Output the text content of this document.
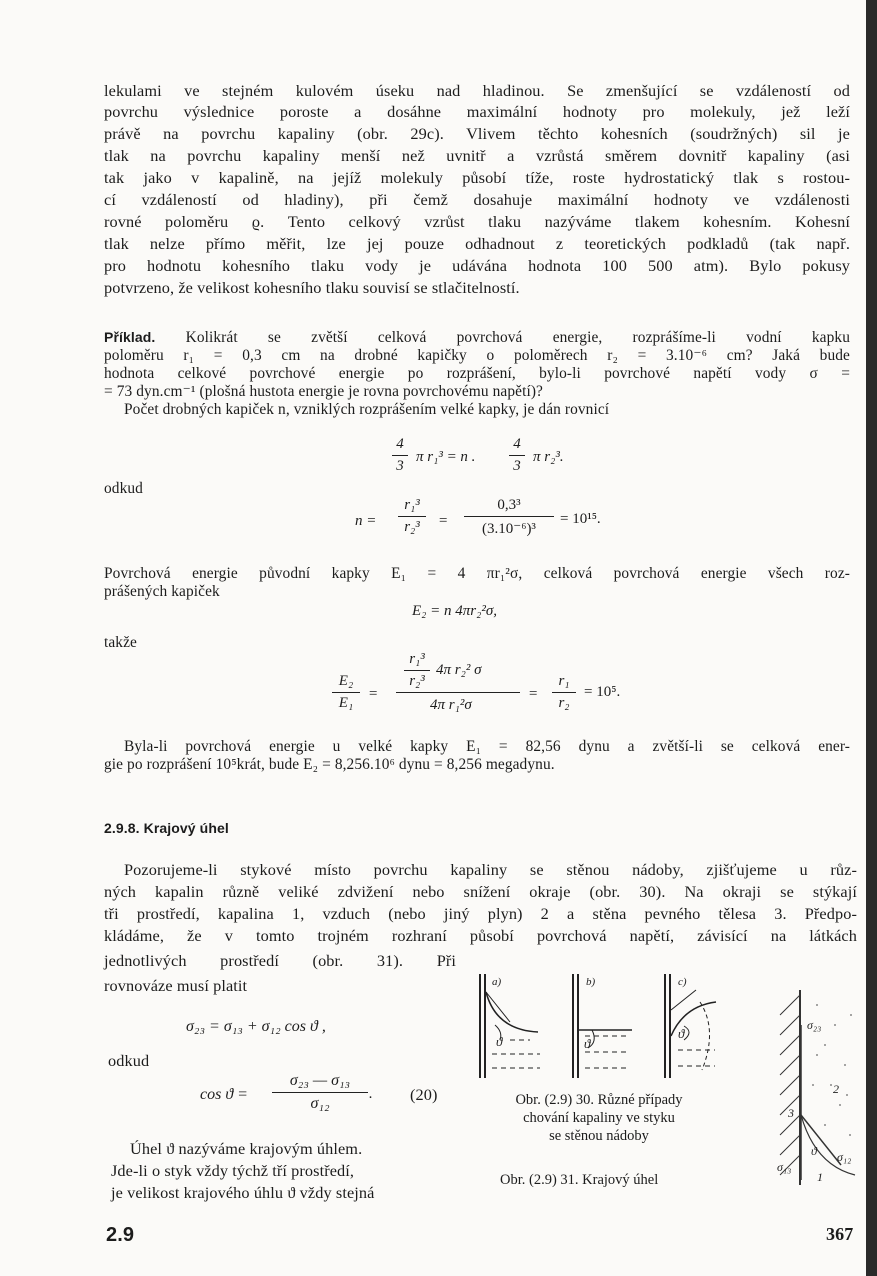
lekulami ve stejném kulovém úseku nad hladinou. Se zmenšující se vzdáleností od
povrchu výslednice poroste a dosáhne maximální hodnoty pro molekuly, jež leží
právě na povrchu kapaliny (obr. 29c). Vlivem těchto kohesních (soudržných) sil je
tlak na povrchu kapaliny menší než uvnitř a vzrůstá směrem dovnitř kapaliny (asi
tak jako v kapalině, na jejíž molekuly působí tíže, roste hydrostatický tlak s rostou-
cí vzdáleností od hladiny), při čemž dosahuje maximální hodnoty ve vzdálenosti
rovné poloměru ϱ. Tento celkový vzrůst tlaku nazýváme tlakem kohesním. Kohesní
tlak nelze přímo měřit, lze jej pouze odhadnout z teoretických podkladů (tak např.
pro hodnotu kohesního tlaku vody je udávána hodnota 100 500 atm). Bylo pokusy
potvrzeno, že velikost kohesního tlaku souvisí se stlačitelností.
Příklad. Kolikrát se zvětší celková povrchová energie, rozprášíme-li vodní kapku
poloměru r₁ = 0,3 cm na drobné kapičky o poloměrech r₂ = 3.10⁻⁶ cm? Jaká bude
hodnota celkové povrchové energie po rozprášení, bylo-li povrchové napětí vody σ =
= 73 dyn.cm⁻¹ (plošná hustota energie je rovna povrchovému napětí)?
Počet drobných kapiček n, vzniklých rozprášením velké kapky, je dán rovnicí
4
3
π r₁³ = n .
4
3
π r₂³.
odkud
n =
r₁³
r₂³	=
0,3³
(3.10⁻⁶)³
= 10¹⁵.
Povrchová energie původní kapky E₁ = 4 πr₁²σ, celková povrchová energie všech roz-
prášených kapiček
E₂ = n 4πr₂²σ,
takže
E₂
E₁
=
r₁³
r₂³
4π r₂² σ
4π r₁²σ
=
r₁
r₂
= 10⁵.
Byla-li povrchová energie u velké kapky E₁ = 82,56 dynu a zvětší-li se celková ener-
gie po rozprášení 10⁵krát, bude E₂ = 8,256.10⁶ dynu = 8,256 megadynu.
2.9.8. Krajový úhel
Pozorujeme-li stykové místo povrchu kapaliny se stěnou nádoby, zjišťujeme u růz-
ných kapalin různě veliké zdvižení nebo snížení okraje (obr. 30). Na okraji se stýkají
tři prostředí, kapalina 1, vzduch (nebo jiný plyn) 2 a stěna pevného tělesa 3. Předpo-
kládáme, že v tomto trojném rozhraní působí povrchová napětí, závisící na látkách
jednotlivých prostředí (obr. 31). Při
rovnováze musí platit
σ₂₃ = σ₁₃ + σ₁₂ cos ϑ ,
odkud
cos ϑ =
σ₂₃ — σ₁₃
σ₁₂
. (20)
Úhel ϑ nazýváme krajovým úhlem.
Jde-li o styk vždy týchž tří prostředí,
je velikost krajového úhlu ϑ vždy stejná
a)	b)	c)
ϑ	ϑ
ϑ
Obr. (2.9) 30. Různé případy
chování kapaliny ve styku
se stěnou nádoby
σ₂₃
2
3
1
σ₁₃
ϑ σ₁₂
Obr. (2.9) 31. Krajový úhel
2.9	367
